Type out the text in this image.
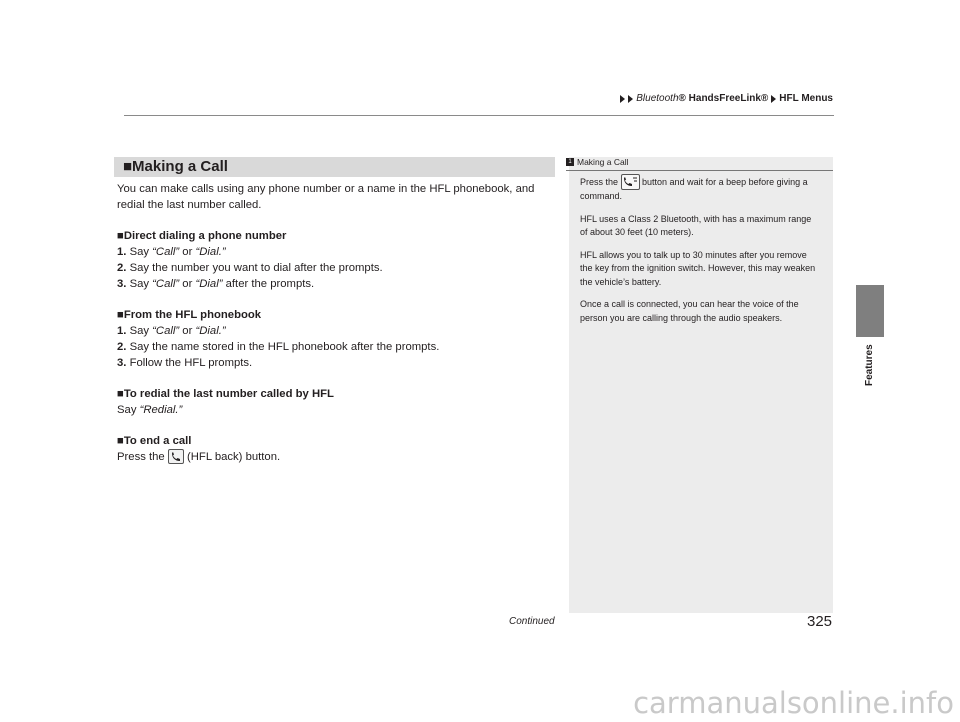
Bluetooth® HandsFreeLink® HFL Menus
Features
■Making a Call

You can make calls using any phone number or a name in the HFL phonebook, and

redial the last number called.

■Direct dialing a phone number

1. Say “Call” or “Dial.”

2. Say the number you want to dial after the prompts.

3. Say “Call” or “Dial” after the prompts.

■From the HFL phonebook

1. Say “Call” or “Dial.”

2. Say the name stored in the HFL phonebook after the prompts.

3. Follow the HFL prompts.

■To redial the last number called by HFL

Say “Redial.”

■To end a call

Press the  (HFL back) button.

1 Making a Call

Press the  button and wait for a beep before giving a command.

HFL uses a Class 2 Bluetooth, with has a maximum range of about 30 feet (10 meters).

HFL allows you to talk up to 30 minutes after you remove the key from the ignition switch. However, this may weaken the vehicle’s battery.

Once a call is connected, you can hear the voice of the person you are calling through the audio speakers.

Continued	325
carmanualsonline.info
